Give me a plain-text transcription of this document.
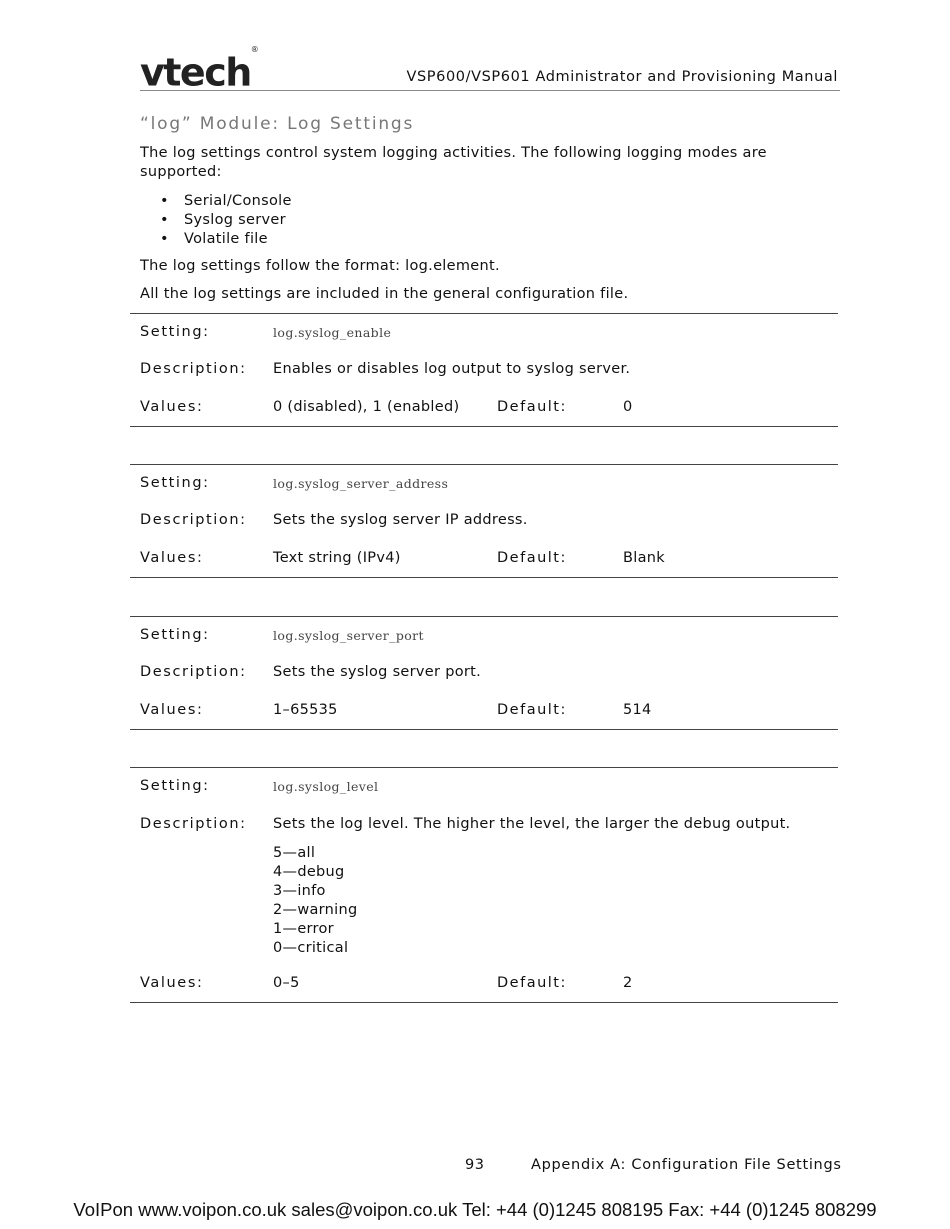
vtech®
VSP600/VSP601 Administrator and Provisioning Manual
“log” Module: Log Settings
The log settings control system logging activities. The following logging modes are supported:
• Serial/Console
• Syslog server
• Volatile file
The log settings follow the format: log.element.
All the log settings are included in the general configuration file.
Setting:	log.syslog_enable
Description: Enables or disables log output to syslog server.
Values:	0 (disabled), 1 (enabled)	Default:	0
Setting:	log.syslog_server_address
Description: Sets the syslog server IP address.
Values:	Text string (IPv4)	Default:	Blank
Setting:	log.syslog_server_port
Description: Sets the syslog server port.
Values:	1–65535	Default:	514
Setting:	log.syslog_level
Description: Sets the log level. The higher the level, the larger the debug output.
5—all
4—debug
3—info
2—warning
1—error
0—critical
Values:	0–5	Default:	2
93	Appendix A: Configuration File Settings
VoIPon www.voipon.co.uk sales@voipon.co.uk Tel: +44 (0)1245 808195 Fax: +44 (0)1245 808299
